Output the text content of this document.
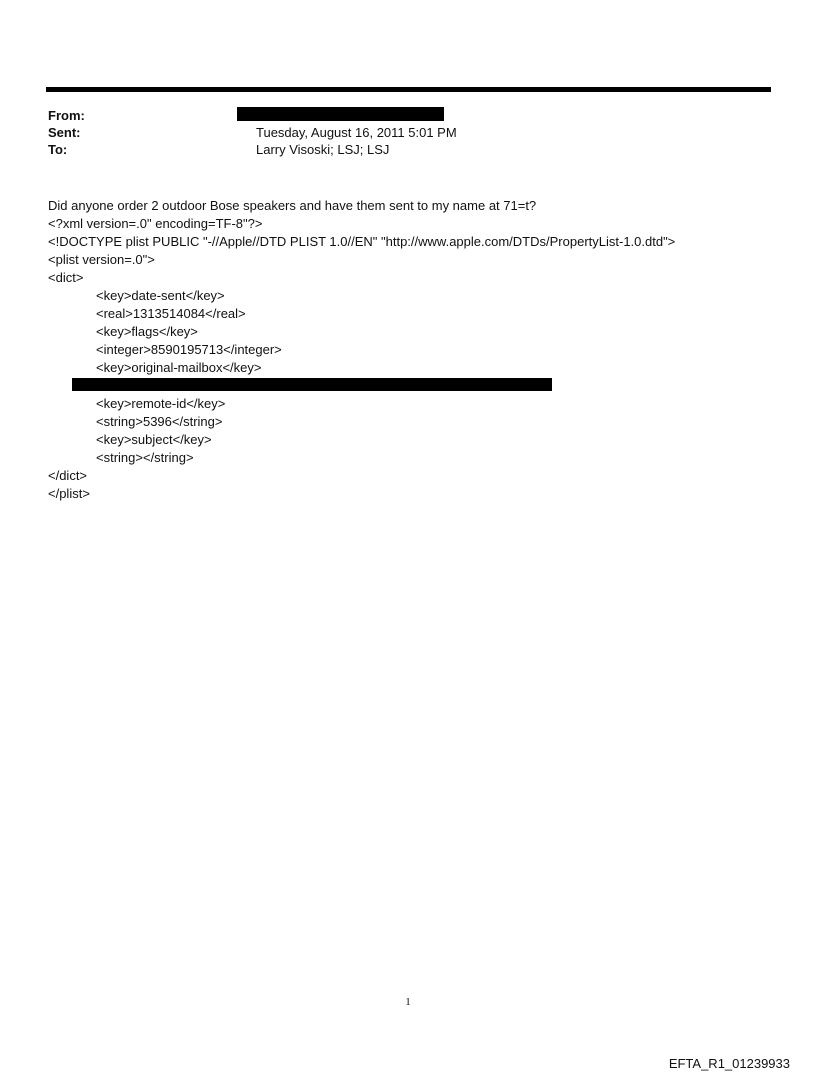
From:
Sent:	Tuesday, August 16, 2011 5:01 PM
To:	Larry Visoski; LSJ; LSJ
Did anyone order 2 outdoor Bose speakers and have them sent to my name at 71=t?
<?xml version=.0" encoding=TF-8"?>
<!DOCTYPE plist PUBLIC "-//Apple//DTD PLIST 1.0//EN" "http://www.apple.com/DTDs/PropertyList-1.0.dtd">
<plist version=.0">
<dict>
<key>date-sent</key>
<real>1313514084</real>
<key>flags</key>
<integer>8590195713</integer>
<key>original-mailbox</key>

<key>remote-id</key>
<string>5396</string>
<key>subject</key>
<string></string>
</dict>
</plist>
1
EFTA_R1_01239933
